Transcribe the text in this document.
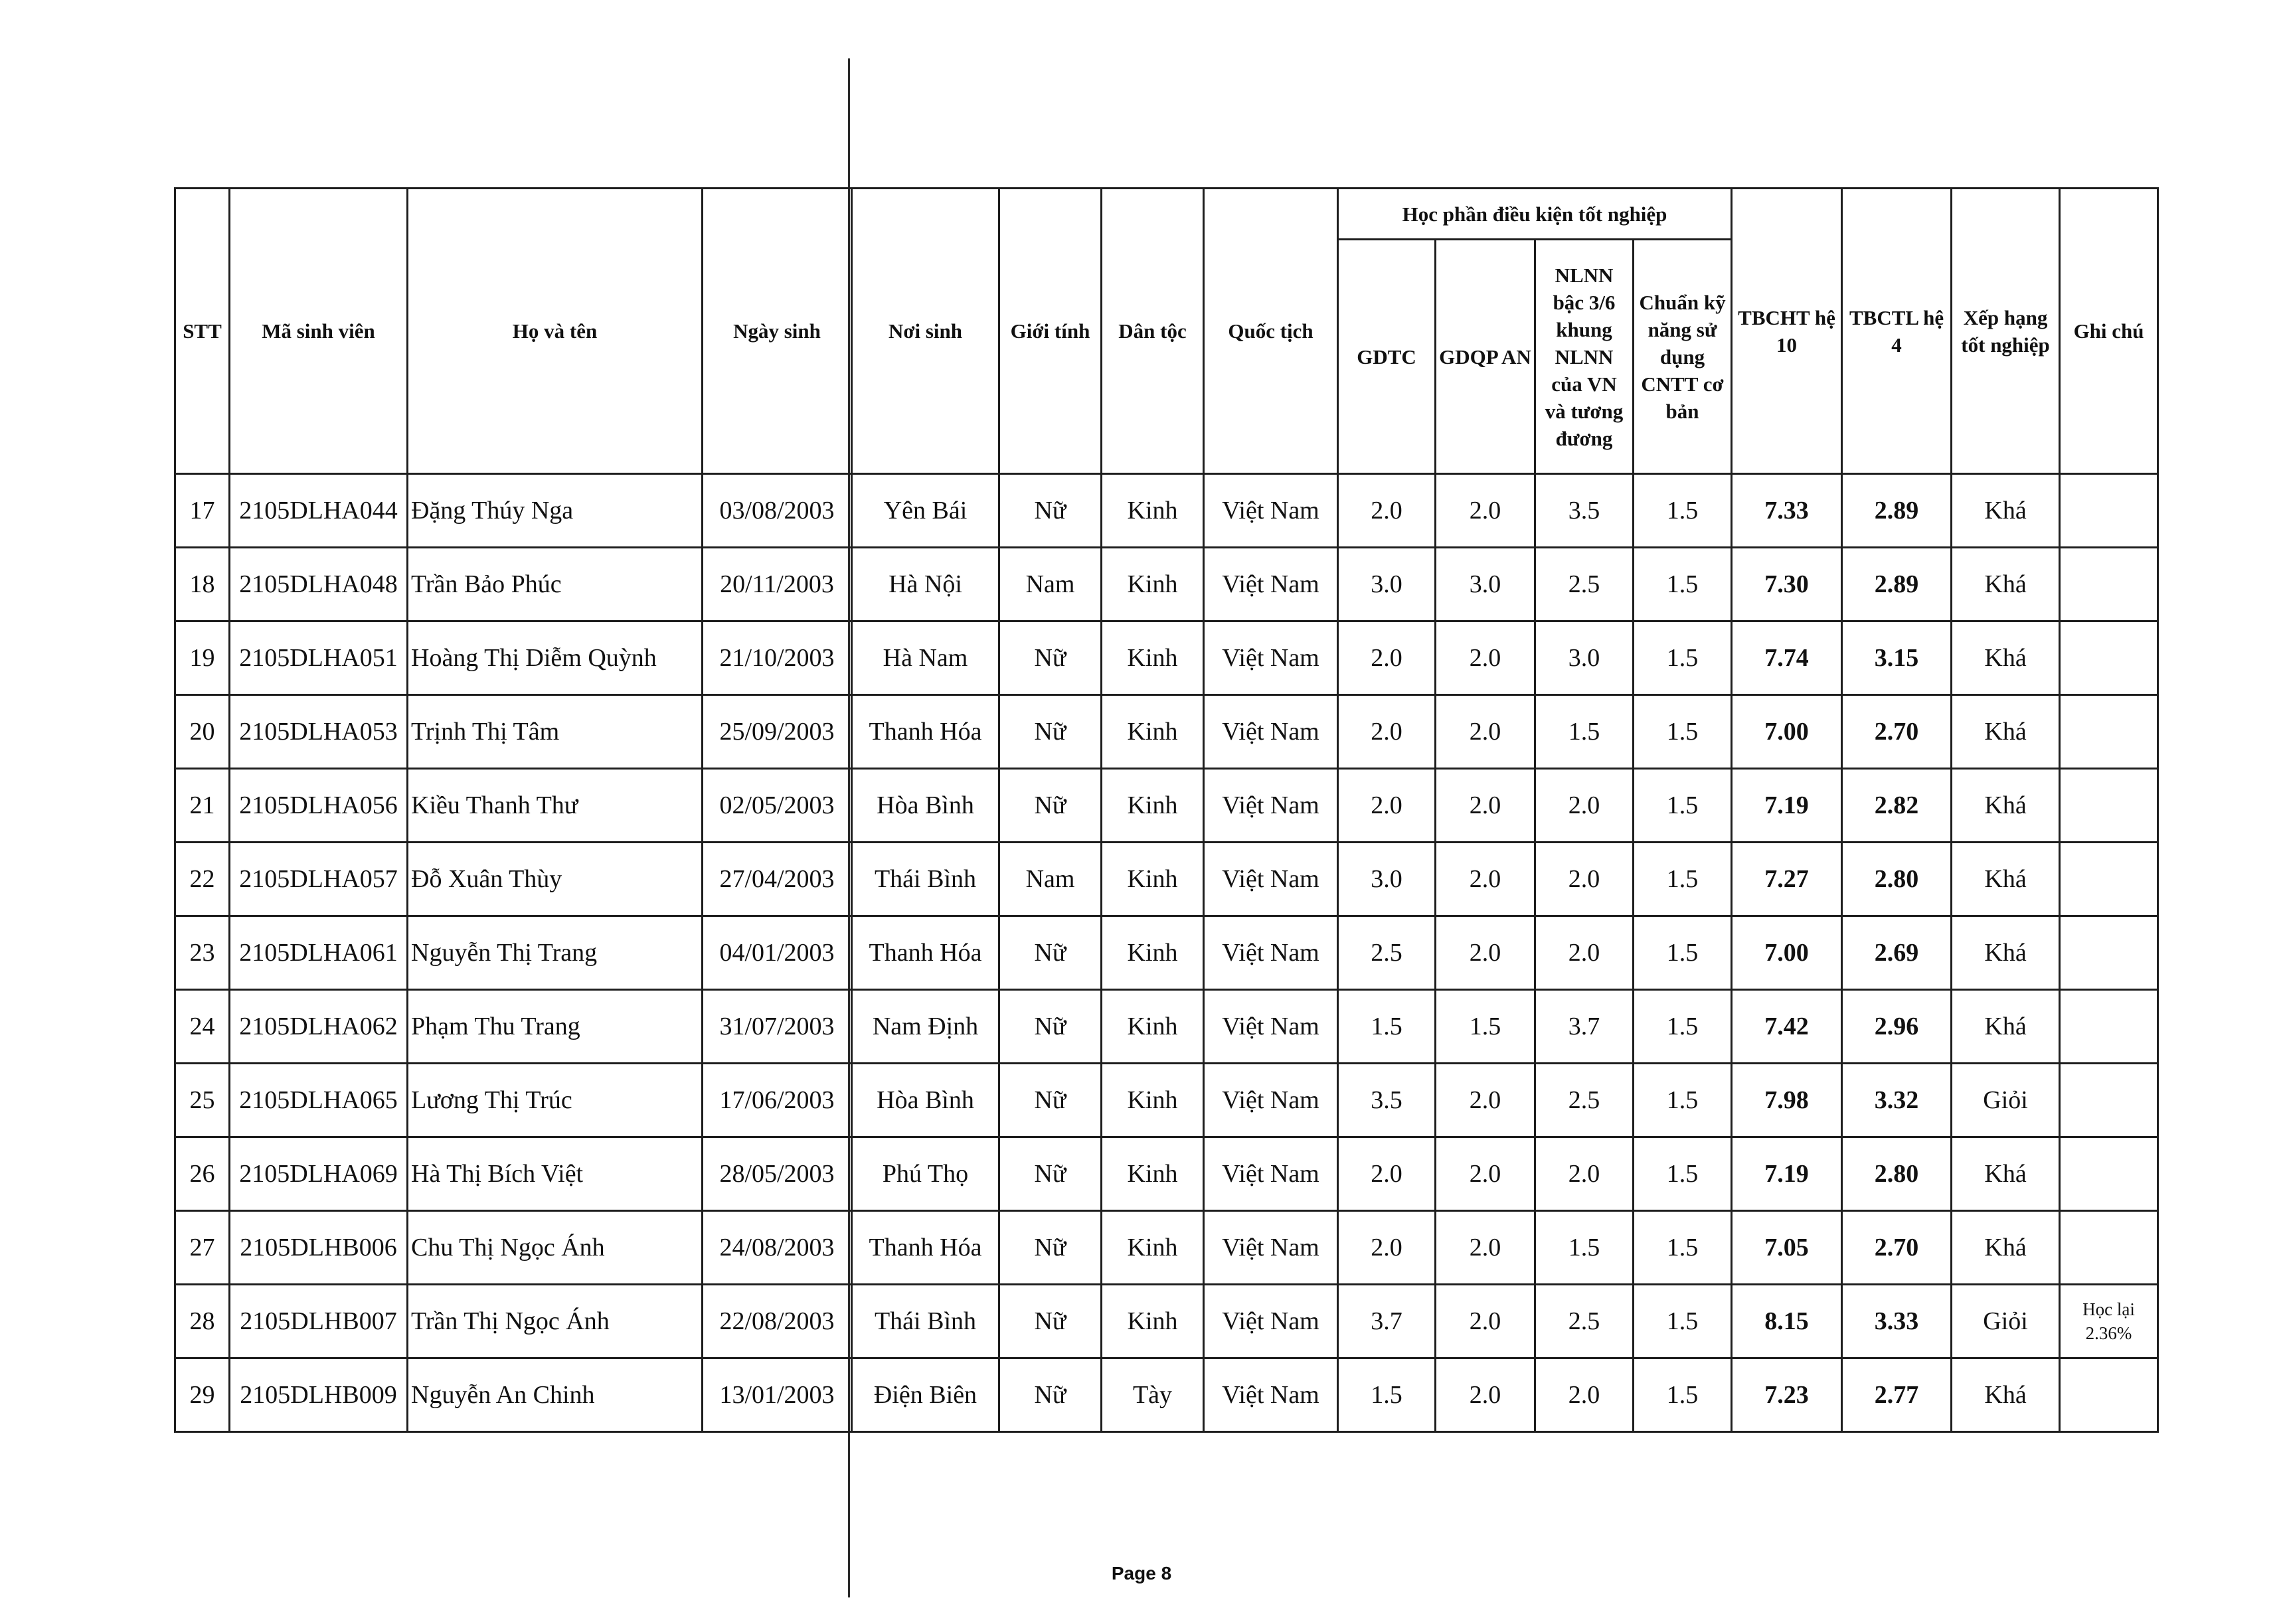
STT	Mã sinh viên	Họ và tên	Ngày sinh	Nơi sinh	Giới tính	Dân tộc	Quốc tịch	Học phần điều kiện tốt nghiệp				TBCHT hệ 10	TBCTL hệ 4	Xếp hạng tốt nghiệp	Ghi chú
								GDTC	GDQP AN	NLNN bậc 3/6 khung NLNN của VN và tương đương	Chuẩn kỹ năng sử dụng CNTT cơ bản				
17	2105DLHA044	Đặng Thúy Nga	03/08/2003	Yên Bái	Nữ	Kinh	Việt Nam	2.0	2.0	3.5	1.5	7.33	2.89	Khá	
18	2105DLHA048	Trần Bảo Phúc	20/11/2003	Hà Nội	Nam	Kinh	Việt Nam	3.0	3.0	2.5	1.5	7.30	2.89	Khá	
19	2105DLHA051	Hoàng Thị Diễm Quỳnh	21/10/2003	Hà Nam	Nữ	Kinh	Việt Nam	2.0	2.0	3.0	1.5	7.74	3.15	Khá	
20	2105DLHA053	Trịnh Thị Tâm	25/09/2003	Thanh Hóa	Nữ	Kinh	Việt Nam	2.0	2.0	1.5	1.5	7.00	2.70	Khá	
21	2105DLHA056	Kiều Thanh Thư	02/05/2003	Hòa Bình	Nữ	Kinh	Việt Nam	2.0	2.0	2.0	1.5	7.19	2.82	Khá	
22	2105DLHA057	Đỗ Xuân Thùy	27/04/2003	Thái Bình	Nam	Kinh	Việt Nam	3.0	2.0	2.0	1.5	7.27	2.80	Khá	
23	2105DLHA061	Nguyễn Thị Trang	04/01/2003	Thanh Hóa	Nữ	Kinh	Việt Nam	2.5	2.0	2.0	1.5	7.00	2.69	Khá	
24	2105DLHA062	Phạm Thu Trang	31/07/2003	Nam Định	Nữ	Kinh	Việt Nam	1.5	1.5	3.7	1.5	7.42	2.96	Khá	
25	2105DLHA065	Lương Thị Trúc	17/06/2003	Hòa Bình	Nữ	Kinh	Việt Nam	3.5	2.0	2.5	1.5	7.98	3.32	Giỏi	
26	2105DLHA069	Hà Thị Bích Việt	28/05/2003	Phú Thọ	Nữ	Kinh	Việt Nam	2.0	2.0	2.0	1.5	7.19	2.80	Khá	
27	2105DLHB006	Chu Thị Ngọc Ánh	24/08/2003	Thanh Hóa	Nữ	Kinh	Việt Nam	2.0	2.0	1.5	1.5	7.05	2.70	Khá	
28	2105DLHB007	Trần Thị Ngọc Ánh	22/08/2003	Thái Bình	Nữ	Kinh	Việt Nam	3.7	2.0	2.5	1.5	8.15	3.33	Giỏi	Học lại 2.36%
29	2105DLHB009	Nguyễn An Chinh	13/01/2003	Điện Biên	Nữ	Tày	Việt Nam	1.5	2.0	2.0	1.5	7.23	2.77	Khá	
Page 8
